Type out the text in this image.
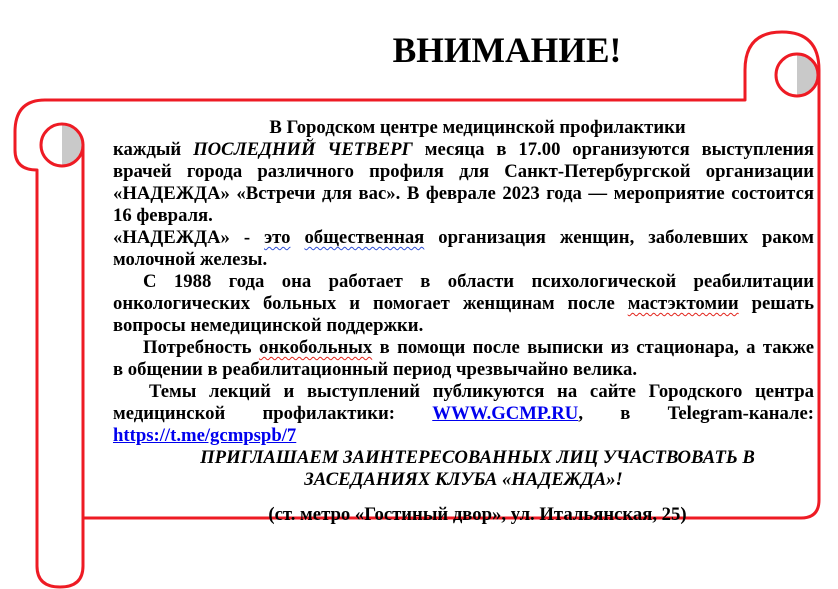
ВНИМАНИЕ!
В Городском центре медицинской профилактики
каждый ПОСЛЕДНИЙ ЧЕТВЕРГ месяца в 17.00 организуются выступления
врачей города различного профиля для Санкт-Петербургской организации
«НАДЕЖДА» «Встречи для вас». В феврале 2023 года — мероприятие состоится
16 февраля.
«НАДЕЖДА» - это общественная организация женщин, заболевших раком
молочной железы.
С 1988 года она работает в области психологической реабилитации
онкологических больных и помогает женщинам после мастэктомии решать
вопросы немедицинской поддержки.
Потребность онкобольных в помощи после выписки из стационара, а также
в общении в реабилитационный период чрезвычайно велика.
Темы лекций и выступлений публикуются на сайте Городского центра
медицинской профилактики: WWW.GCMP.RU, в Telegram-канале:
https://t.me/gcmpspb/7
ПРИГЛАШАЕМ ЗАИНТЕРЕСОВАННЫХ ЛИЦ УЧАСТВОВАТЬ В
ЗАСЕДАНИЯХ КЛУБА «НАДЕЖДА»!
(ст. метро «Гостиный двор», ул. Итальянская, 25)
